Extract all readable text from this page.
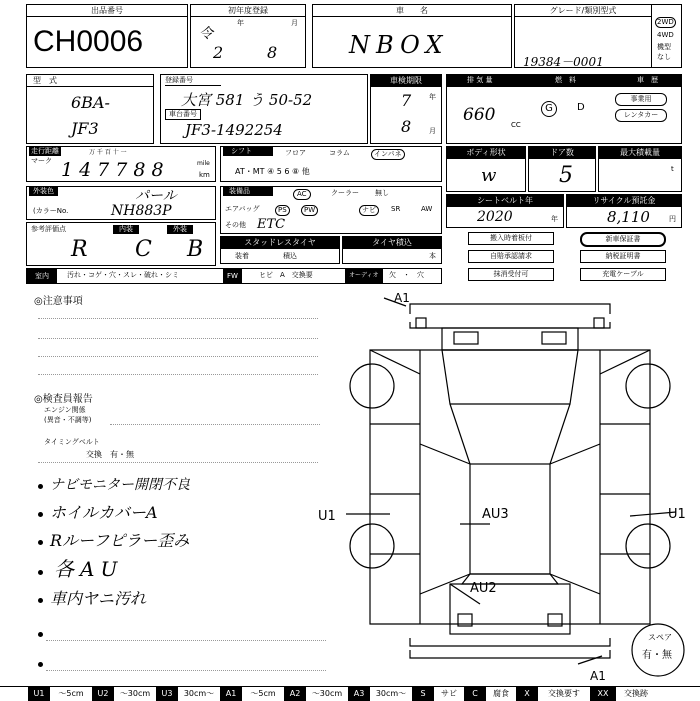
出品番号
CH0006
初年度登録
令
2
年
8
月
車　　名
NBOX
グレード/類別型式
19384－0001
2WD
4WD
機型
なし
型　式
6BA-
JF3
登録番号
大宮 581 う 50-52
車台番号
JF3-1492254
車検期限
7	年
8	月
排 気 量	燃　料	車　歴
660 CC
G	D
事業用
レンタカー
走行距離
マーク
万 千 百 十 一
147788	km
mile
シフト	フロア	コラム	インパネ
AT・MT ④ 5 6 ⑧ 他
ボディ形状
w
ドア数
5
最大積載量
t
外装色	パール
(カラーNo.	NH883P
装備品	AC	クーラー 無し
エアバッグ	PS	PW	ナビ	SR	AW
その他 ETC
シートベルト年
2020	年
リサイクル預託金
8,110	円
参考評価点	内装	外装
R C B	スタッドレスタイヤ
装着	積込
タイヤ積込
本
搬入時着板付	新車保証書
自賠承認請求	納税証明書
抹消受付可	充電ケーブル
室内	汚れ・コゲ・穴・スレ・破れ・シミ	FW	ヒビ　A　交換要	オーディオ	欠　・　穴
◎注意事項
◎検査員報告
エンジン関係
(異音・不調等)
タイミングベルト
交換　有・無
ナビモニター開閉不良
ホイルカバーA
Rルーフピラー歪み
各AU
車内ヤニ汚れ
A1
AU3
U1	U1
AU2
A1
スペア
有・無
U1	〜5cm	U2	〜30cm	U3	30cm〜	A1	〜5cm	A2	〜30cm	A3	30cm〜	S	サビ	C	腐食	X	交換要す	XX	交換跡
